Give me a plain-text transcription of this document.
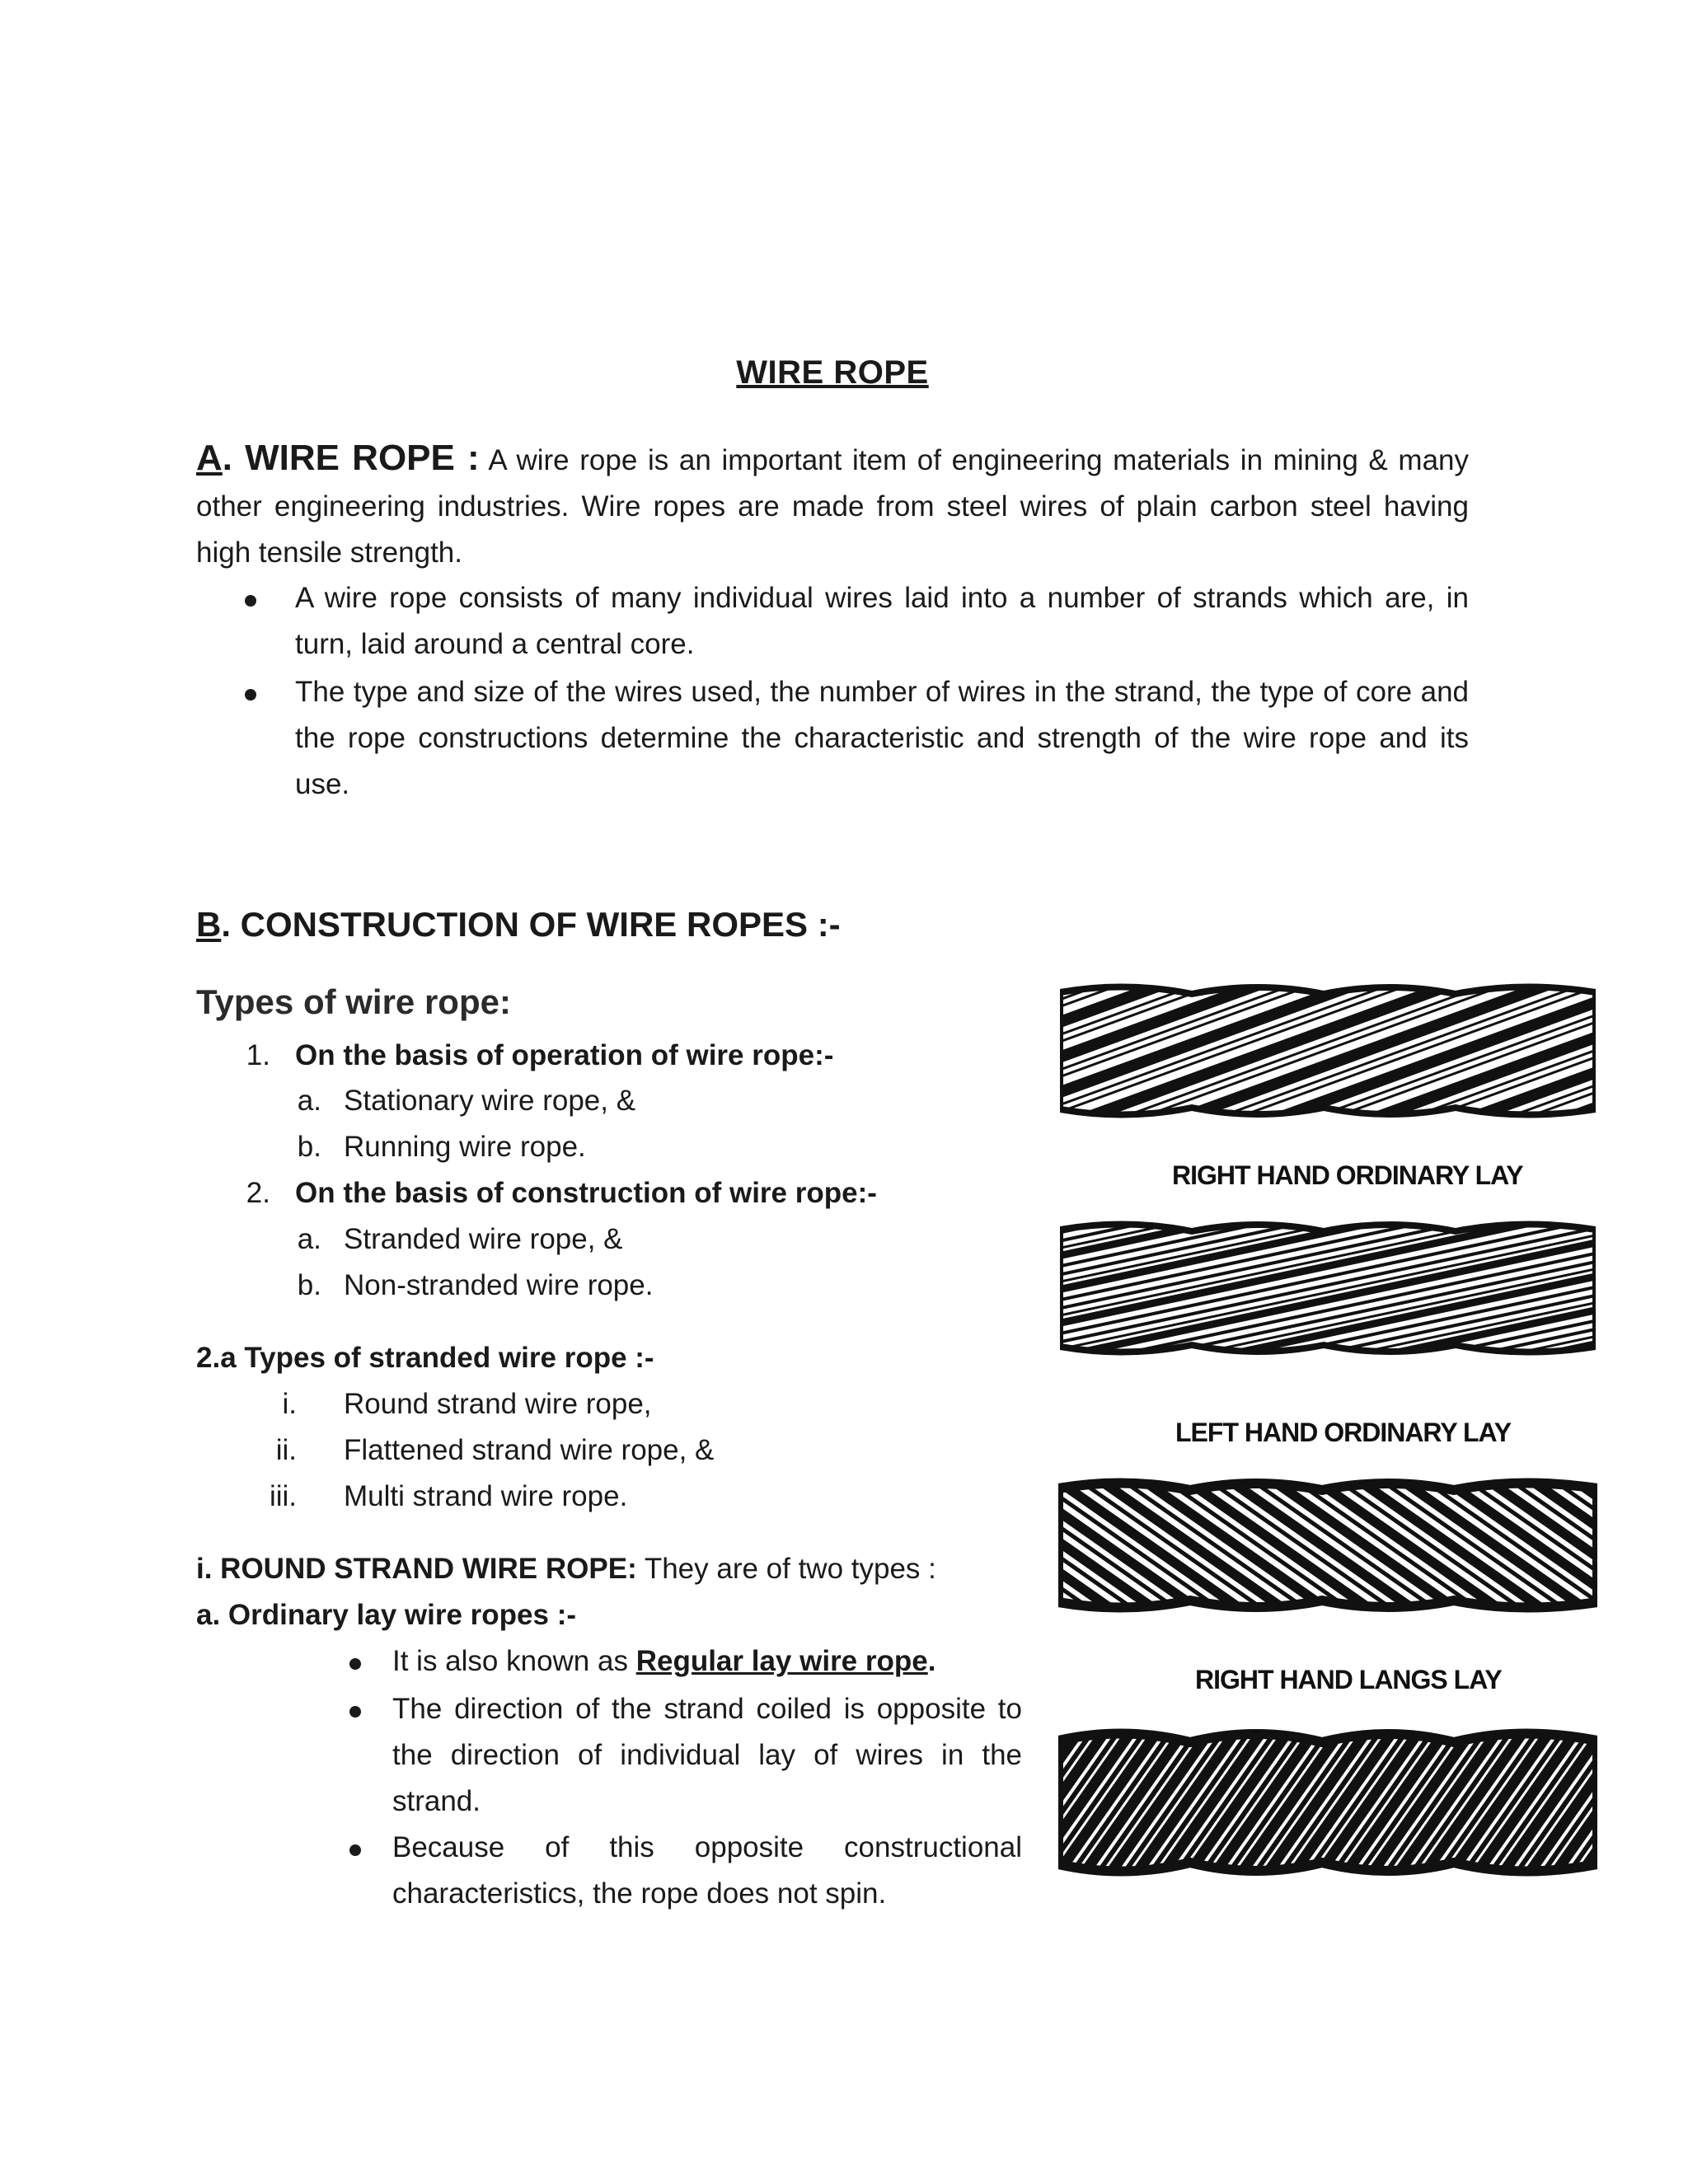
WIRE ROPE
A. WIRE ROPE : A wire rope is an important item of engineering materials in mining & many other engineering industries. Wire ropes are made from steel wires of plain carbon steel having high tensile strength.
A wire rope consists of many individual wires laid into a number of strands which are, in turn, laid around a central core.
The type and size of the wires used, the number of wires in the strand, the type of core and the rope constructions determine the characteristic and strength of the wire rope and its use.
B. CONSTRUCTION OF WIRE ROPES :-
Types of wire rope:
1. On the basis of operation of wire rope:-
a. Stationary wire rope, &
b. Running wire rope.
2. On the basis of construction of wire rope:-
a. Stranded wire rope, &
b. Non-stranded wire rope.
2.a Types of stranded wire rope :-
i. Round strand wire rope,
ii. Flattened strand wire rope, &
iii. Multi strand wire rope.
i. ROUND STRAND WIRE ROPE: They are of two types :
a. Ordinary lay wire ropes :-
It is also known as Regular lay wire rope.
The direction of the strand coiled is opposite to the direction of individual lay of wires in the strand.
Because of this opposite constructional characteristics, the rope does not spin.
RIGHT HAND ORDINARY LAY
LEFT HAND ORDINARY LAY
RIGHT HAND LANGS LAY
